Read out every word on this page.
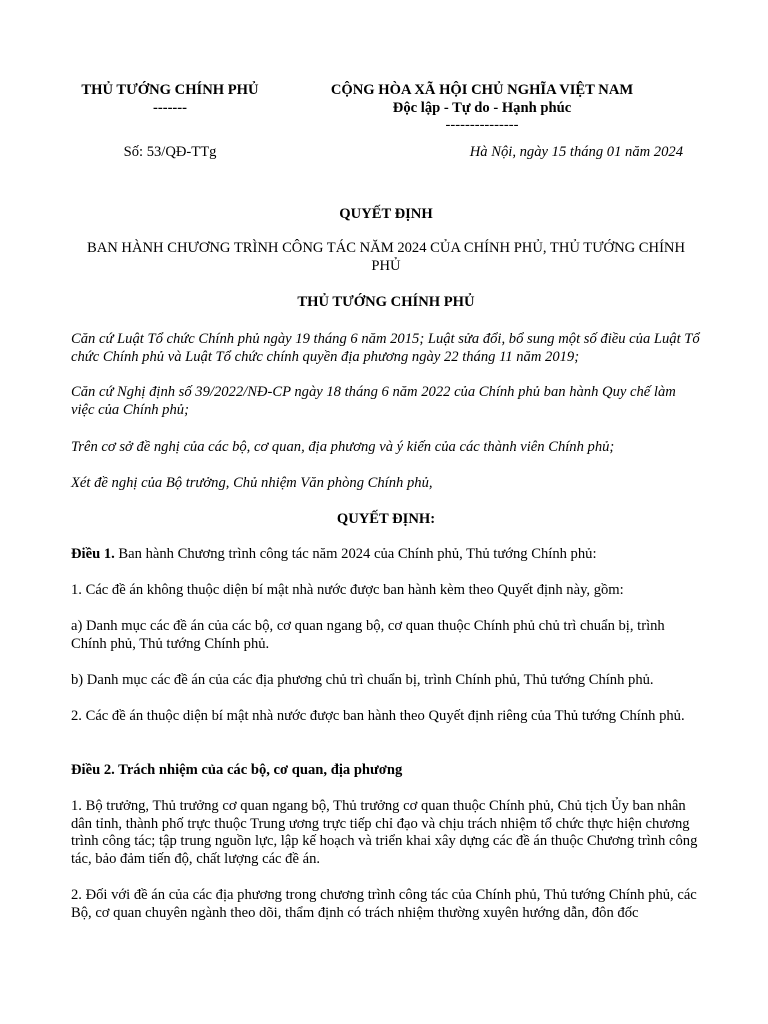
THỦ TƯỚNG CHÍNH PHỦ
-------
CỘNG HÒA XÃ HỘI CHỦ NGHĨA VIỆT NAM
Độc lập - Tự do - Hạnh phúc
---------------
Số: 53/QĐ-TTg	Hà Nội, ngày 15 tháng 01 năm 2024
QUYẾT ĐỊNH
BAN HÀNH CHƯƠNG TRÌNH CÔNG TÁC NĂM 2024 CỦA CHÍNH PHỦ, THỦ TƯỚNG CHÍNH PHỦ
THỦ TƯỚNG CHÍNH PHỦ

Căn cứ Luật Tổ chức Chính phủ ngày 19 tháng 6 năm 2015; Luật sửa đổi, bổ sung một số điều của Luật Tổ chức Chính phủ và Luật Tổ chức chính quyền địa phương ngày 22 tháng 11 năm 2019;

Căn cứ Nghị định số 39/2022/NĐ-CP ngày 18 tháng 6 năm 2022 của Chính phủ ban hành Quy chế làm việc của Chính phủ;

Trên cơ sở đề nghị của các bộ, cơ quan, địa phương và ý kiến của các thành viên Chính phủ;

Xét đề nghị của Bộ trưởng, Chủ nhiệm Văn phòng Chính phủ,

QUYẾT ĐỊNH:

Điều 1. Ban hành Chương trình công tác năm 2024 của Chính phủ, Thủ tướng Chính phủ:

1. Các đề án không thuộc diện bí mật nhà nước được ban hành kèm theo Quyết định này, gồm:

a) Danh mục các đề án của các bộ, cơ quan ngang bộ, cơ quan thuộc Chính phủ chủ trì chuẩn bị, trình Chính phủ, Thủ tướng Chính phủ.

b) Danh mục các đề án của các địa phương chủ trì chuẩn bị, trình Chính phủ, Thủ tướng Chính phủ.

2. Các đề án thuộc diện bí mật nhà nước được ban hành theo Quyết định riêng của Thủ tướng Chính phủ.

Điều 2. Trách nhiệm của các bộ, cơ quan, địa phương

1. Bộ trưởng, Thủ trưởng cơ quan ngang bộ, Thủ trưởng cơ quan thuộc Chính phủ, Chủ tịch Ủy ban nhân dân tỉnh, thành phố trực thuộc Trung ương trực tiếp chỉ đạo và chịu trách nhiệm tổ chức thực hiện chương trình công tác; tập trung nguồn lực, lập kế hoạch và triển khai xây dựng các đề án thuộc Chương trình công tác, bảo đảm tiến độ, chất lượng các đề án.

2. Đối với đề án của các địa phương trong chương trình công tác của Chính phủ, Thủ tướng Chính phủ, các Bộ, cơ quan chuyên ngành theo dõi, thẩm định có trách nhiệm thường xuyên hướng dẫn, đôn đốc
